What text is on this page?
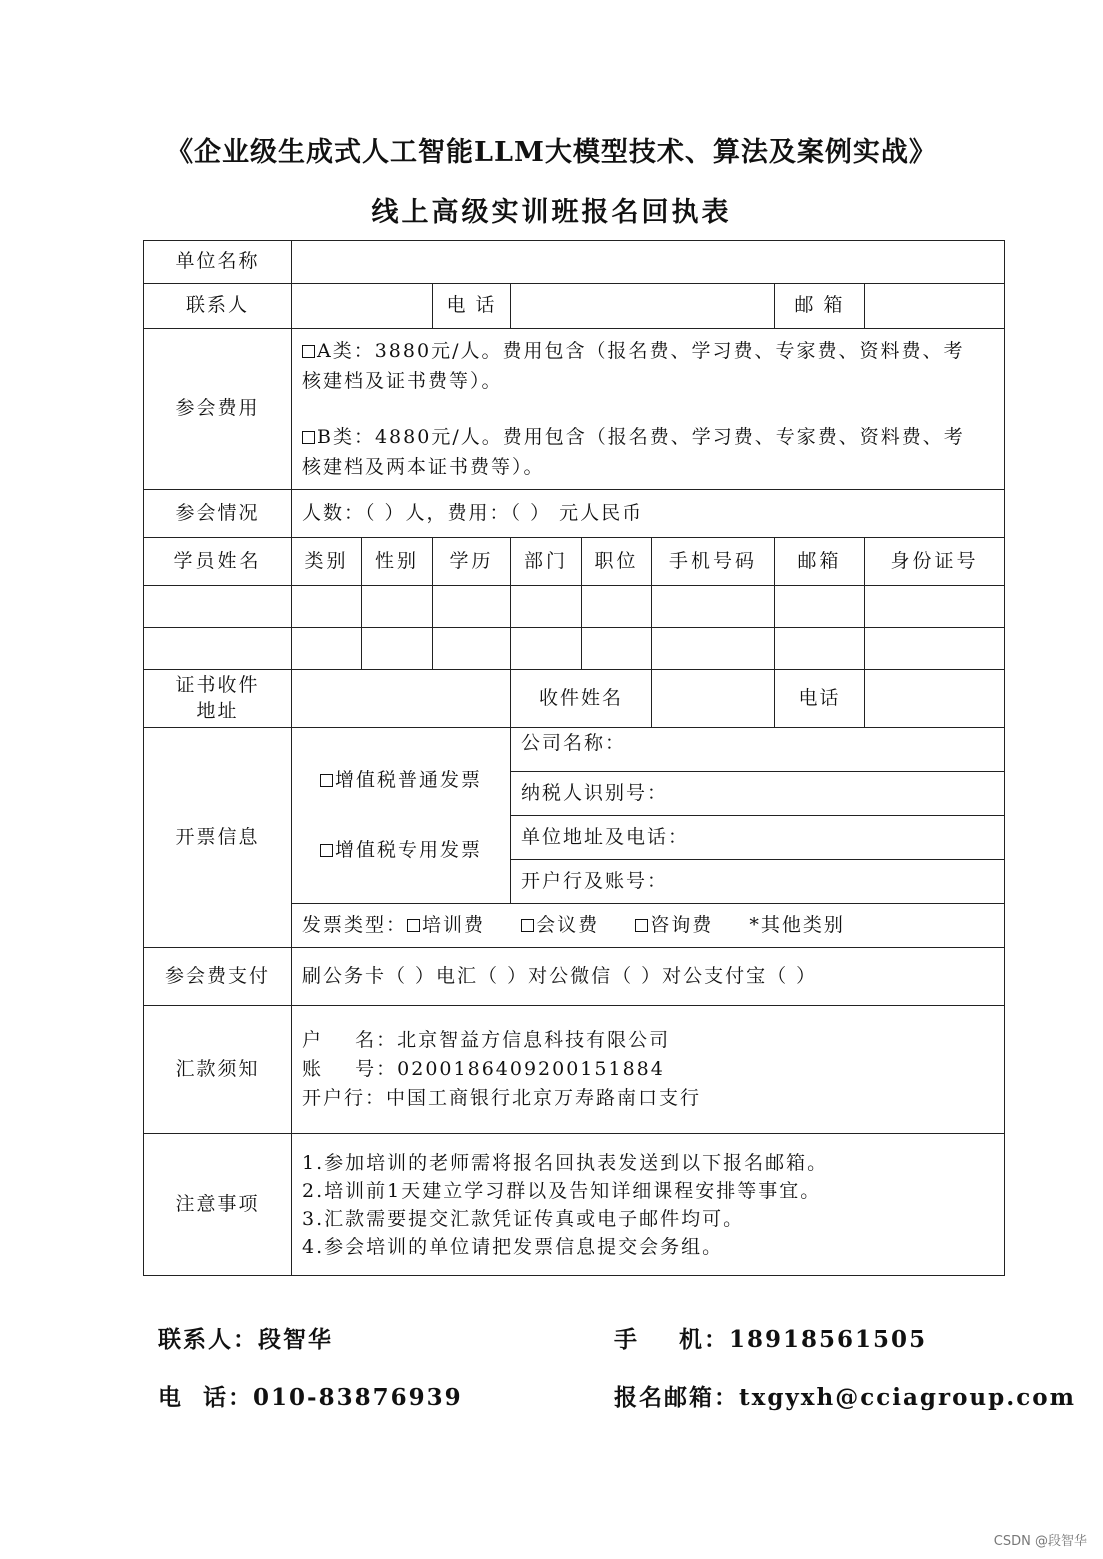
《企业级生成式人工智能LLM大模型技术、算法及案例实战》
线上高级实训班报名回执表
单位名称								
联系人			电 话				邮 箱	
参会费用	A类：3880元/人。费用包含（报名费、学习费、专家费、资料费、考
核建档及证书费等）。
B类：4880元/人。费用包含（报名费、学习费、专家费、资料费、考
核建档及两本证书费等）。							

参会情况	人数：（ ）人，费用：（ ） 元人民币							
学员姓名	类别	性别	学历	部门	职位	手机号码	邮箱	身份证号

证书收件
地址				收件姓名			电话	
开票信息	增值税普通发票
增值税专用发票			公司名称：				
				纳税人识别号：				
				单位地址及电话：				
				开户行及账号：				
	发票类型： 培训费 会议费 咨询费 *其他类别							
参会费支付	刷公务卡（ ）电汇（ ）对公微信（ ）对公支付宝（ ）							
汇款须知	户    名：北京智益方信息科技有限公司
账    号：0200186409200151884
开户行：中国工商银行北京万寿路南口支行							

注意事项	1.参加培训的老师需将报名回执表发送到以下报名邮箱。
2.培训前1天建立学习群以及告知详细课程安排等事宜。
3.汇款需要提交汇款凭证传真或电子邮件均可。
4.参会培训的单位请把发票信息提交会务组。							
联系人：段智华	手    机：18918561505
电  话：010-83876939	报名邮箱：txgyxh@cciagroup.com
CSDN @段智华
